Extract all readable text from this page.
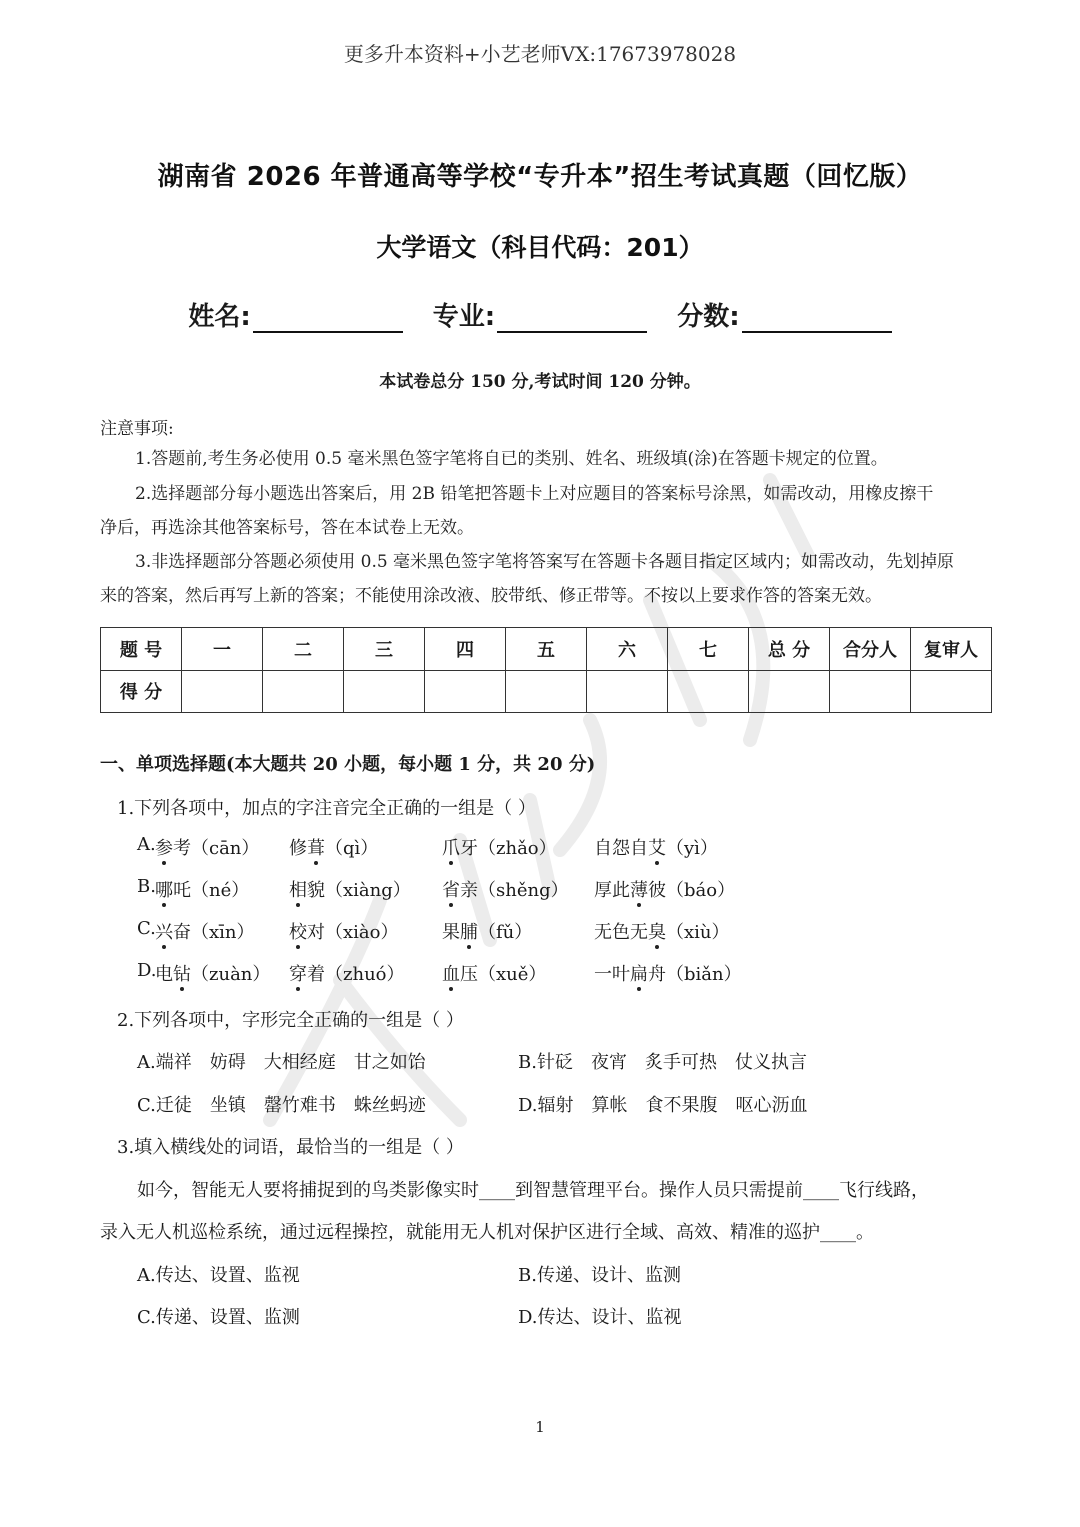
更多升本资料+小艺老师VX:17673978028
湖南省 2026 年普通高等学校“专升本”招生考试真题（回忆版）
大学语文（科目代码：201）
姓名:	专业:	分数:
本试卷总分 150 分,考试时间 120 分钟。
注意事项:
1.答题前,考生务必使用 0.5 毫米黑色签字笔将自已的类别、姓名、班级填(涂)在答题卡规定的位置。
2.选择题部分每小题选出答案后，用 2B 铅笔把答题卡上对应题目的答案标号涂黑，如需改动，用橡皮擦干
净后，再选涂其他答案标号，答在本试卷上无效。
3.非选择题部分答题必须使用 0.5 毫米黑色签字笔将答案写在答题卡各题目指定区域内；如需改动，先划掉原
来的答案，然后再写上新的答案；不能使用涂改液、胶带纸、修正带等。不按以上要求作答的答案无效。
题 号	一	二	三	四	五	六	七	总 分	合分人	复审人
得 分										
一、单项选择题(本大题共 20 小题，每小题 1 分，共 20 分)
1.下列各项中，加点的字注音完全正确的一组是（ ）
A. 参考（cān） 修葺（qì）	爪牙（zhǎo） 自怨自艾（yì）
B. 哪吒（né） 相貌（xiàng） 省亲（shěng） 厚此薄彼（báo）
C. 兴奋（xīn） 校对（xiào） 果脯（fǔ）	无色无臭（xiù）
D.
电钻（zuàn） 穿着（zhuó） 血压（xuě）	一叶扁舟（biǎn）
2.下列各项中，字形完全正确的一组是（ ）
A.端祥　妨碍　大相经庭　甘之如饴	B.针砭　夜宵　炙手可热　仗义执言
C.迁徒　坐镇　罄竹难书　蛛丝蚂迹	D.辐射　算帐　食不果腹　呕心沥血
3.填入横线处的词语，最恰当的一组是（ ）
如今，智能无人要将捕捉到的鸟类影像实时____到智慧管理平台。操作人员只需提前____飞行线路，
录入无人机巡检系统，通过远程操控，就能用无人机对保护区进行全域、高效、精准的巡护____。
A.传达、设置、监视	B.传递、设计、监测
C.传递、设置、监测	D.传达、设计、监视
1
